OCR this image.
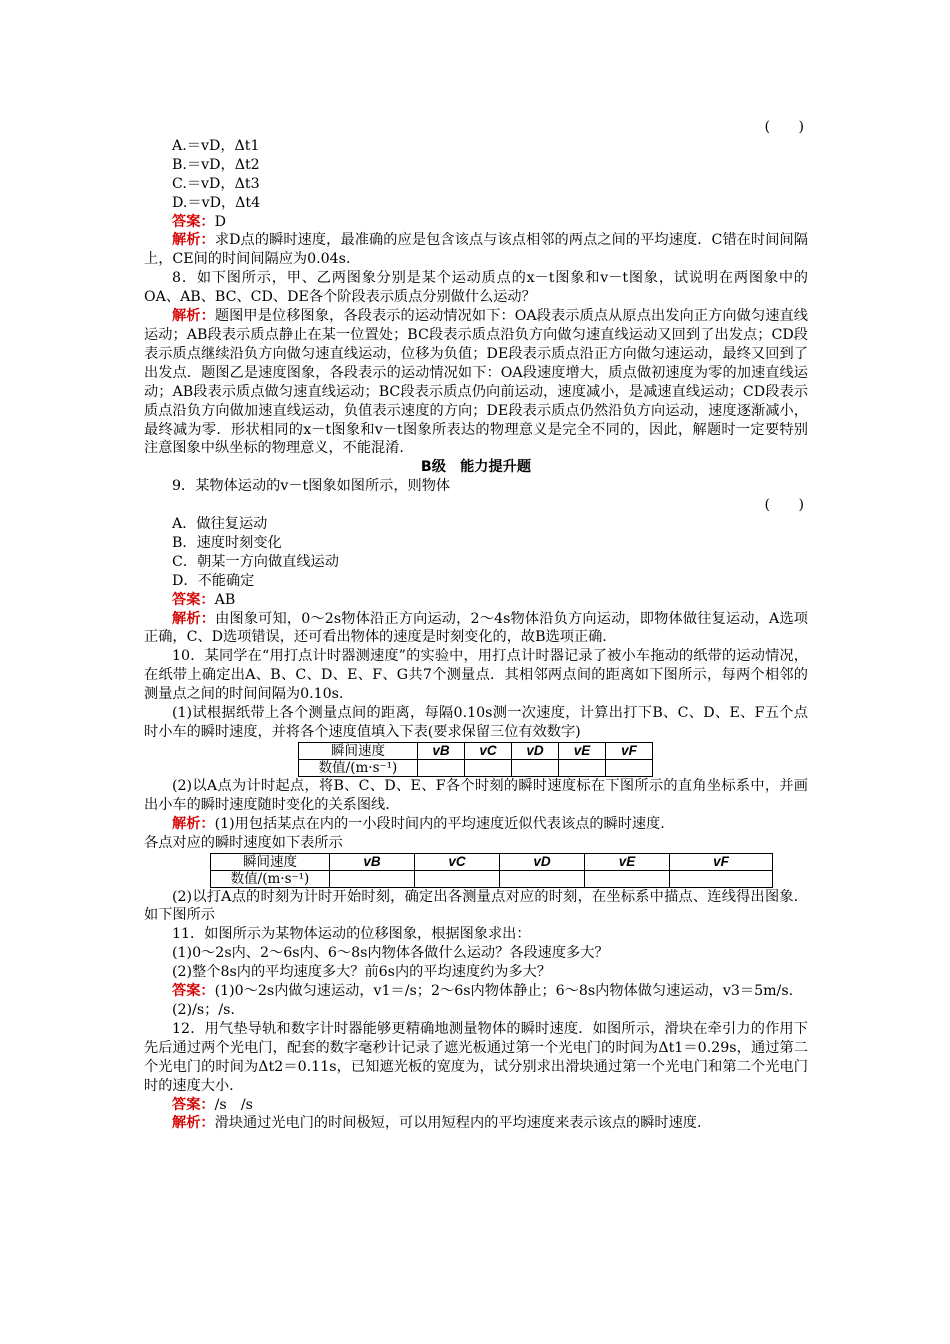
(　　)

A.＝vD，Δt1

B.＝vD，Δt2

C.＝vD，Δt3

D.＝vD，Δt4

答案：D

解析：求D点的瞬时速度，最准确的应是包含该点与该点相邻的两点之间的平均速度．C错在时间间隔上，CE间的时间间隔应为0.04s.

8．如下图所示，甲、乙两图象分别是某个运动质点的x－t图象和v－t图象，试说明在两图象中的OA、AB、BC、CD、DE各个阶段表示质点分别做什么运动？

解析：题图甲是位移图象，各段表示的运动情况如下：OA段表示质点从原点出发向正方向做匀速直线运动；AB段表示质点静止在某一位置处；BC段表示质点沿负方向做匀速直线运动又回到了出发点；CD段表示质点继续沿负方向做匀速直线运动，位移为负值；DE段表示质点沿正方向做匀速运动，最终又回到了出发点．题图乙是速度图象，各段表示的运动情况如下：OA段速度增大，质点做初速度为零的加速直线运动；AB段表示质点做匀速直线运动；BC段表示质点仍向前运动，速度减小，是减速直线运动；CD段表示质点沿负方向做加速直线运动，负值表示速度的方向；DE段表示质点仍然沿负方向运动，速度逐渐减小，最终减为零．形状相同的x－t图象和v－t图象所表达的物理意义是完全不同的，因此，解题时一定要特别注意图象中纵坐标的物理意义，不能混淆.

B级　能力提升题

9．某物体运动的v－t图象如图所示，则物体

(　　)

A．做往复运动

B．速度时刻变化

C．朝某一方向做直线运动

D．不能确定

答案：AB

解析：由图象可知，0～2s物体沿正方向运动，2～4s物体沿负方向运动，即物体做往复运动，A选项正确，C、D选项错误，还可看出物体的速度是时刻变化的，故B选项正确.

10．某同学在“用打点计时器测速度”的实验中，用打点计时器记录了被小车拖动的纸带的运动情况，在纸带上确定出A、B、C、D、E、F、G共7个测量点．其相邻两点间的距离如下图所示，每两个相邻的测量点之间的时间间隔为0.10s.

(1)试根据纸带上各个测量点间的距离，每隔0.10s测一次速度，计算出打下B、C、D、E、F五个点时小车的瞬时速度，并将各个速度值填入下表(要求保留三位有效数字)

瞬间速度	vB	vC	vD	vE	vF
数值/(m·s⁻¹)					

(2)以A点为计时起点，将B、C、D、E、F各个时刻的瞬时速度标在下图所示的直角坐标系中，并画出小车的瞬时速度随时变化的关系图线.

解析：(1)用包括某点在内的一小段时间内的平均速度近似代表该点的瞬时速度.

各点对应的瞬时速度如下表所示

瞬间速度	vB	vC	vD	vE	vF
数值/(m·s⁻¹)					

(2)以打A点的时刻为计时开始时刻，确定出各测量点对应的时刻，在坐标系中描点、连线得出图象．如下图所示

11．如图所示为某物体运动的位移图象，根据图象求出：

(1)0～2s内、2～6s内、6～8s内物体各做什么运动？各段速度多大？

(2)整个8s内的平均速度多大？前6s内的平均速度约为多大？

答案：(1)0～2s内做匀速运动，v1＝/s；2～6s内物体静止；6～8s内物体做匀速运动，v3＝5m/s.

(2)/s；/s.

12．用气垫导轨和数字计时器能够更精确地测量物体的瞬时速度．如图所示，滑块在牵引力的作用下先后通过两个光电门，配套的数字毫秒计记录了遮光板通过第一个光电门的时间为Δt1＝0.29s，通过第二个光电门的时间为Δt2＝0.11s，已知遮光板的宽度为，试分别求出滑块通过第一个光电门和第二个光电门时的速度大小.

答案：/s　/s

解析：滑块通过光电门的时间极短，可以用短程内的平均速度来表示该点的瞬时速度.
